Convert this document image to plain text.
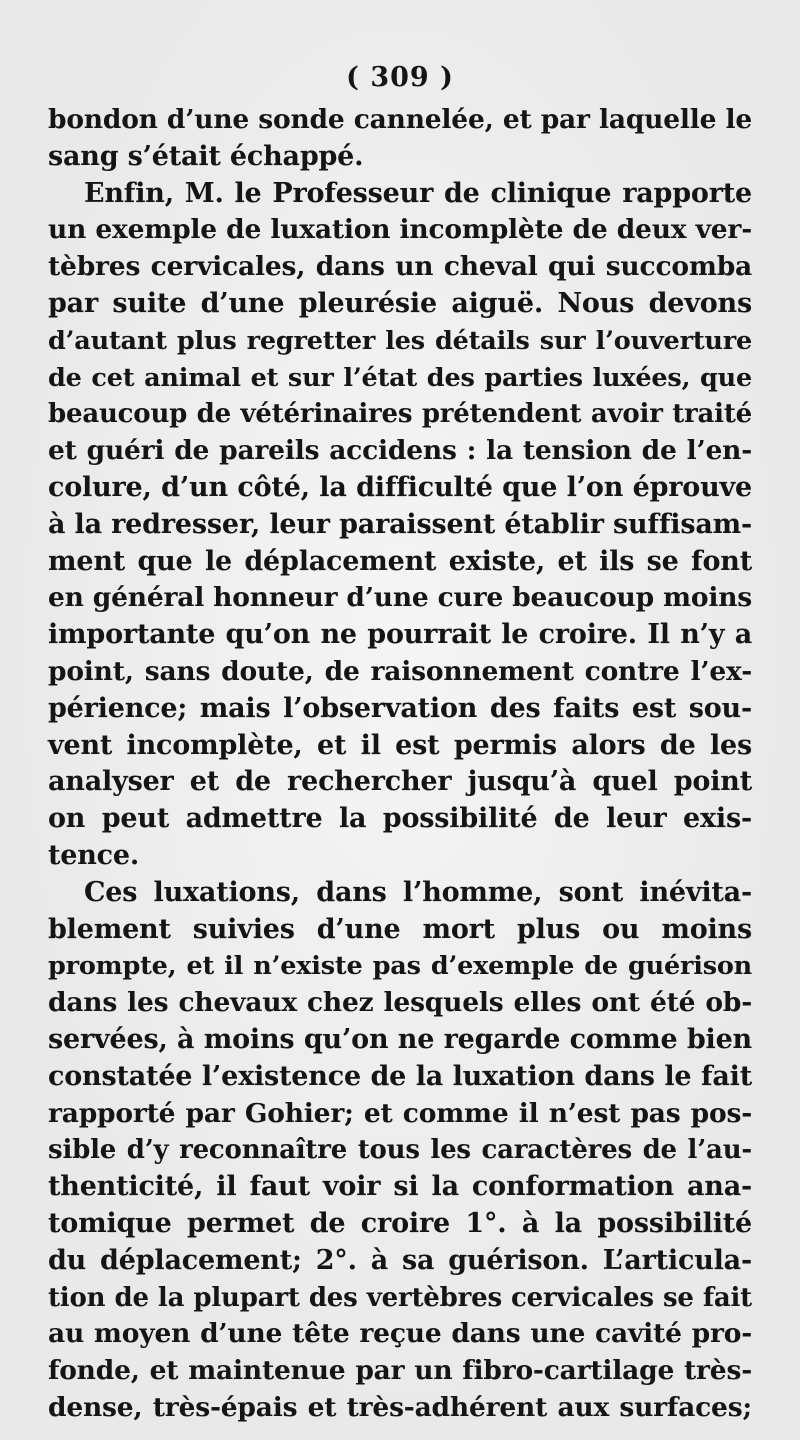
( 309 )
bondon d’une sonde cannelée, et par laquelle le
sang s’était échappé.
Enfin, M. le Professeur de clinique rapporte
un exemple de luxation incomplète de deux ver-
tèbres cervicales, dans un cheval qui succomba
par suite d’une pleurésie aiguë. Nous devons
d’autant plus regretter les détails sur l’ouverture
de cet animal et sur l’état des parties luxées, que
beaucoup de vétérinaires prétendent avoir traité
et guéri de pareils accidens : la tension de l’en-
colure, d’un côté, la difficulté que l’on éprouve
à la redresser, leur paraissent établir suffisam-
ment que le déplacement existe, et ils se font
en général honneur d’une cure beaucoup moins
importante qu’on ne pourrait le croire. Il n’y a
point, sans doute, de raisonnement contre l’ex-
périence; mais l’observation des faits est sou-
vent incomplète, et il est permis alors de les
analyser et de rechercher jusqu’à quel point
on peut admettre la possibilité de leur exis-
tence.
Ces luxations, dans l’homme, sont inévita-
blement suivies d’une mort plus ou moins
prompte, et il n’existe pas d’exemple de guérison
dans les chevaux chez lesquels elles ont été ob-
servées, à moins qu’on ne regarde comme bien
constatée l’existence de la luxation dans le fait
rapporté par Gohier; et comme il n’est pas pos-
sible d’y reconnaître tous les caractères de l’au-
thenticité, il faut voir si la conformation ana-
tomique permet de croire 1°. à la possibilité
du déplacement; 2°. à sa guérison. L’articula-
tion de la plupart des vertèbres cervicales se fait
au moyen d’une tête reçue dans une cavité pro-
fonde, et maintenue par un fibro-cartilage très-
dense, très-épais et très-adhérent aux surfaces;
